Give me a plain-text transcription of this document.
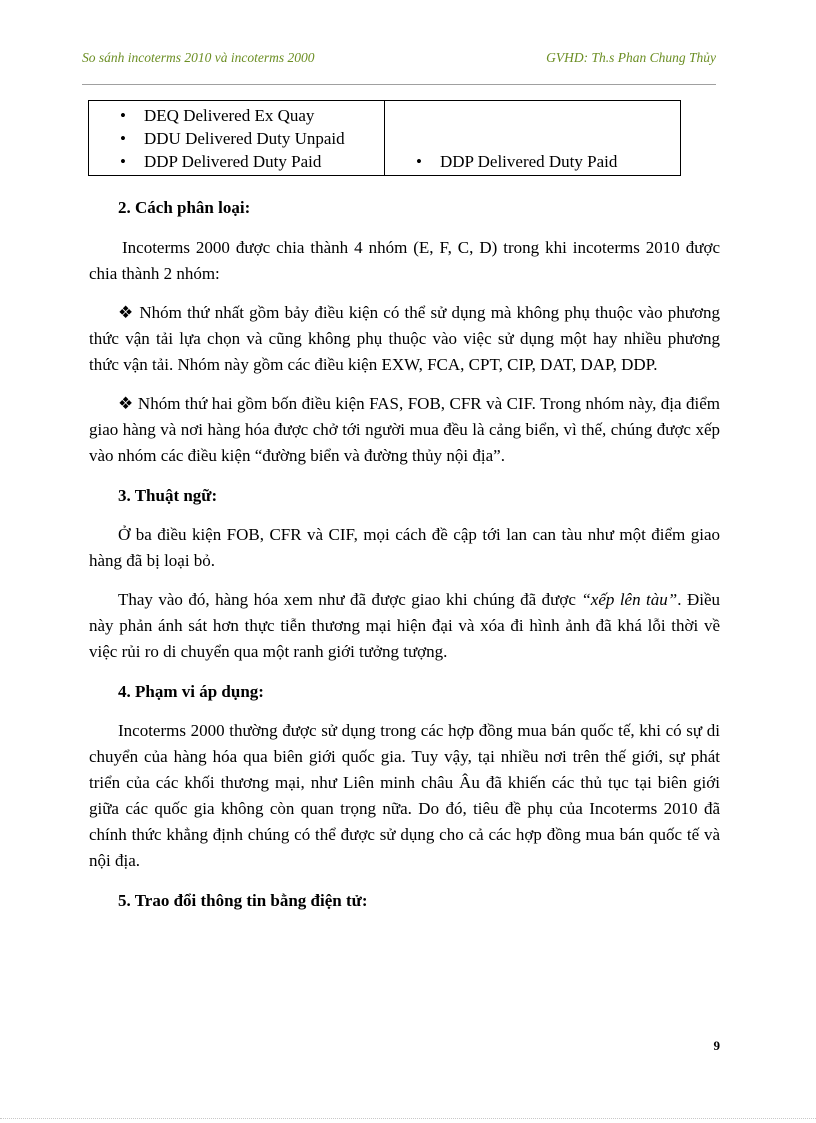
So sánh incoterms 2010 và incoterms 2000	GVHD: Th.s Phan Chung Thủy
• DEQ Delivered Ex Quay
• DDU Delivered Duty Unpaid
• DDP Delivered Duty Paid	• DDP Delivered Duty Paid
2. Cách phân loại:

Incoterms 2000 được chia thành 4 nhóm (E, F, C, D) trong khi incoterms 2010 được chia thành 2 nhóm:

❖ Nhóm thứ nhất gồm bảy điều kiện có thể sử dụng mà không phụ thuộc vào phương thức vận tải lựa chọn và cũng không phụ thuộc vào việc sử dụng một hay nhiều phương thức vận tải. Nhóm này gồm các điều kiện EXW, FCA, CPT, CIP, DAT, DAP, DDP.

❖ Nhóm thứ hai gồm bốn điều kiện FAS, FOB, CFR và CIF. Trong nhóm này, địa điểm giao hàng và nơi hàng hóa được chở tới người mua đều là cảng biển, vì thế, chúng được xếp vào nhóm các điều kiện “đường biển và đường thủy nội địa”.

3. Thuật ngữ:

Ở ba điều kiện FOB, CFR và CIF, mọi cách đề cập tới lan can tàu như một điểm giao hàng đã bị loại bỏ.

Thay vào đó, hàng hóa xem như đã được giao khi chúng đã được “xếp lên tàu”. Điều này phản ánh sát hơn thực tiễn thương mại hiện đại và xóa đi hình ảnh đã khá lỗi thời về việc rủi ro di chuyển qua một ranh giới tưởng tượng.

4. Phạm vi áp dụng:

Incoterms 2000 thường được sử dụng trong các hợp đồng mua bán quốc tế, khi có sự di chuyển của hàng hóa qua biên giới quốc gia. Tuy vậy, tại nhiều nơi trên thế giới, sự phát triển của các khối thương mại, như Liên minh châu Âu đã khiến các thủ tục tại biên giới giữa các quốc gia không còn quan trọng nữa. Do đó, tiêu đề phụ của Incoterms 2010 đã chính thức khẳng định chúng có thể được sử dụng cho cả các hợp đồng mua bán quốc tế và nội địa.

5. Trao đổi thông tin bằng điện tử:
9
